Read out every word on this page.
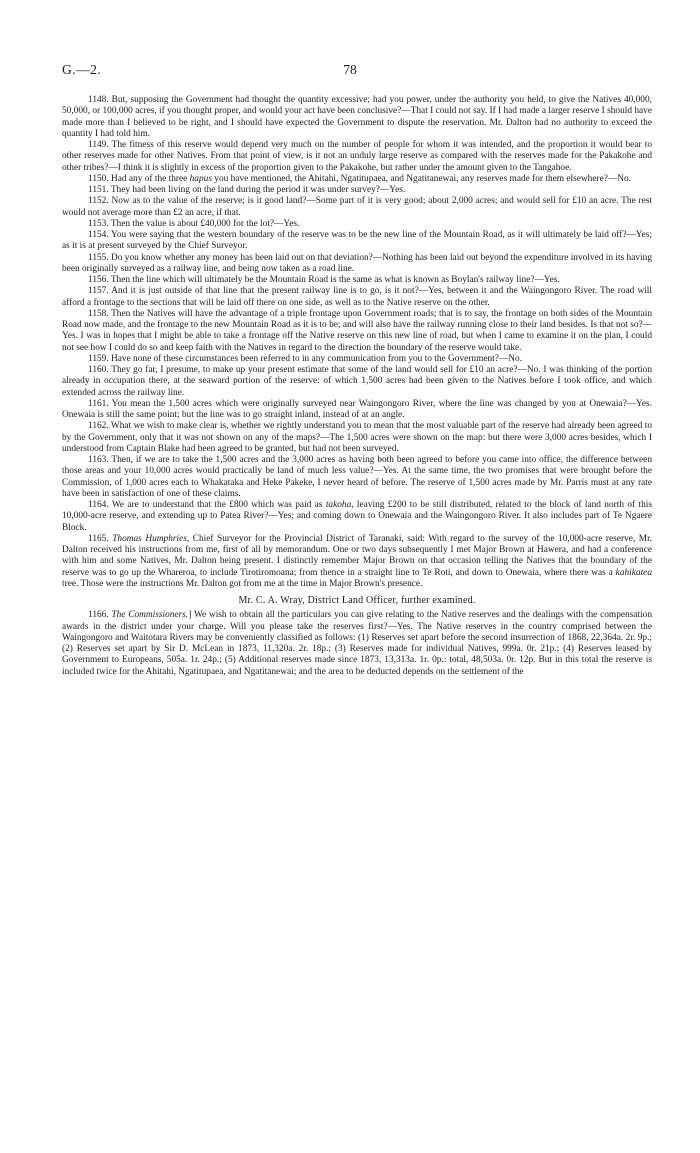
G.—2.	78

1148. But, supposing the Government had thought the quantity excessive; had you power, under the authority you held, to give the Natives 40,000, 50,000, or 100,000 acres, if you thought proper, and would your act have been conclusive?—That I could not say. If I had made a larger reserve I should have made more than I believed to be right, and I should have expected the Government to dispute the reservation. Mr. Dalton had no authority to exceed the quantity I had told him.

1149. The fitness of this reserve would depend very much on the number of people for whom it was intended, and the proportion it would bear to other reserves made for other Natives. From that point of view, is it not an unduly large reserve as compared with the reserves made for the Pakakohe and other tribes?—I think it is slightly in excess of the proportion given to the Pakakohe, but rather under the amount given to the Tangahoe.

1150. Had any of the three hapus you have mentioned, the Ahitahi, Ngatitupaea, and Ngatitanewai, any reserves made for them elsewhere?—No.

1151. They had been living on the land during the period it was under survey?—Yes.

1152. Now as to the value of the reserve; is it good land?—Some part of it is very good; about 2,000 acres; and would sell for £10 an acre. The rest would not average more than £2 an acre, if that.

1153. Then the value is about £40,000 for the lot?—Yes.

1154. You were saying that the western boundary of the reserve was to be the new line of the Mountain Road, as it will ultimately be laid off?—Yes; as it is at present surveyed by the Chief Surveyor.

1155. Do you know whether any money has been laid out on that deviation?—Nothing has been laid out beyond the expenditure involved in its having been originally surveyed as a railway line, and being now taken as a road line.

1156. Then the line which will ultimately be the Mountain Road is the same as what is known as Boylan's railway line?—Yes.

1157. And it is just outside of that line that the present railway line is to go, is it not?—Yes, between it and the Waingongoro River. The road will afford a frontage to the sections that will be laid off there on one side, as well as to the Native reserve on the other.

1158. Then the Natives will have the advantage of a triple frontage upon Government roads; that is to say, the frontage on both sides of the Mountain Road now made, and the frontage to the new Mountain Road as it is to be; and will also have the railway running close to their land besides. Is that not so?—Yes. I was in hopes that I might be able to take a frontage off the Native reserve on this new line of road, but when I came to examine it on the plan, I could not see how I could do so and keep faith with the Natives in regard to the direction the boundary of the reserve would take.

1159. Have none of these circumstances been referred to in any communication from you to the Government?—No.

1160. They go far, I presume, to make up your present estimate that some of the land would sell for £10 an acre?—No. I was thinking of the portion already in occupation there, at the seaward portion of the reserve: of which 1,500 acres had been given to the Natives before I took office, and which extended across the railway line.

1161. You mean the 1,500 acres which were originally surveyed near Waingongoro River, where the line was changed by you at Onewaia?—Yes. Onewaia is still the same point; but the line was to go straight inland, instead of at an angle.

1162. What we wish to make clear is, whether we rightly understand you to mean that the most valuable part of the reserve had already been agreed to by the Government, only that it was not shown on any of the maps?—The 1,500 acres were shown on the map: but there were 3,000 acres besides, which I understood from Captain Blake had been agreed to be granted, but had not been surveyed.

1163. Then, if we are to take the 1,500 acres and the 3,000 acres as having both been agreed to before you came into office, the difference between those areas and your 10,000 acres would practically be land of much less value?—Yes. At the same time, the two promises that were brought before the Commission, of 1,000 acres each to Whakataka and Heke Pakeke, I never heard of before. The reserve of 1,500 acres made by Mr. Parris must at any rate have been in satisfaction of one of these claims.

1164. We are to understand that the £800 which was paid as takoha, leaving £200 to be still distributed, related to the block of land north of this 10,000-acre reserve, and extending up to Patea River?—Yes; and coming down to Onewaia and the Waingongoro River. It also includes part of Te Ngaere Block.

1165. Thomas Humphries, Chief Surveyor for the Provincial District of Taranaki, said: With regard to the survey of the 10,000-acre reserve, Mr. Dalton received his instructions from me, first of all by memorandum. One or two days subsequently I met Major Brown at Hawera, and had a conference with him and some Natives, Mr. Dalton being present. I distinctly remember Major Brown on that occasion telling the Natives that the boundary of the reserve was to go up the Whareroa, to include Tirotiromoana; from thence in a straight line to Te Roti, and down to Onewaia, where there was a kahikatea tree. Those were the instructions Mr. Dalton got from me at the time in Major Brown's presence.

Mr. C. A. Wray, District Land Officer, further examined.

1166. The Commissioners.] We wish to obtain all the particulars you can give relating to the Native reserves and the dealings with the compensation awards in the district under your charge. Will you please take the reserves first?—Yes. The Native reserves in the country comprised between the Waingongoro and Waitotara Rivers may be conveniently classified as follows: (1) Reserves set apart before the second insurrection of 1868, 22,364a. 2r. 9p.; (2) Reserves set apart by Sir D. McLean in 1873, 11,320a. 2r. 18p.; (3) Reserves made for individual Natives, 999a. 0r. 21p.; (4) Reserves leased by Government to Europeans, 505a. 1r. 24p.; (5) Additional reserves made since 1873, 13,313a. 1r. 0p.: total, 48,503a. 0r. 12p. But in this total the reserve is included twice for the Ahitahi, Ngatitupaea, and Ngatitanewai; and the area to be deducted depends on the settlement of the
